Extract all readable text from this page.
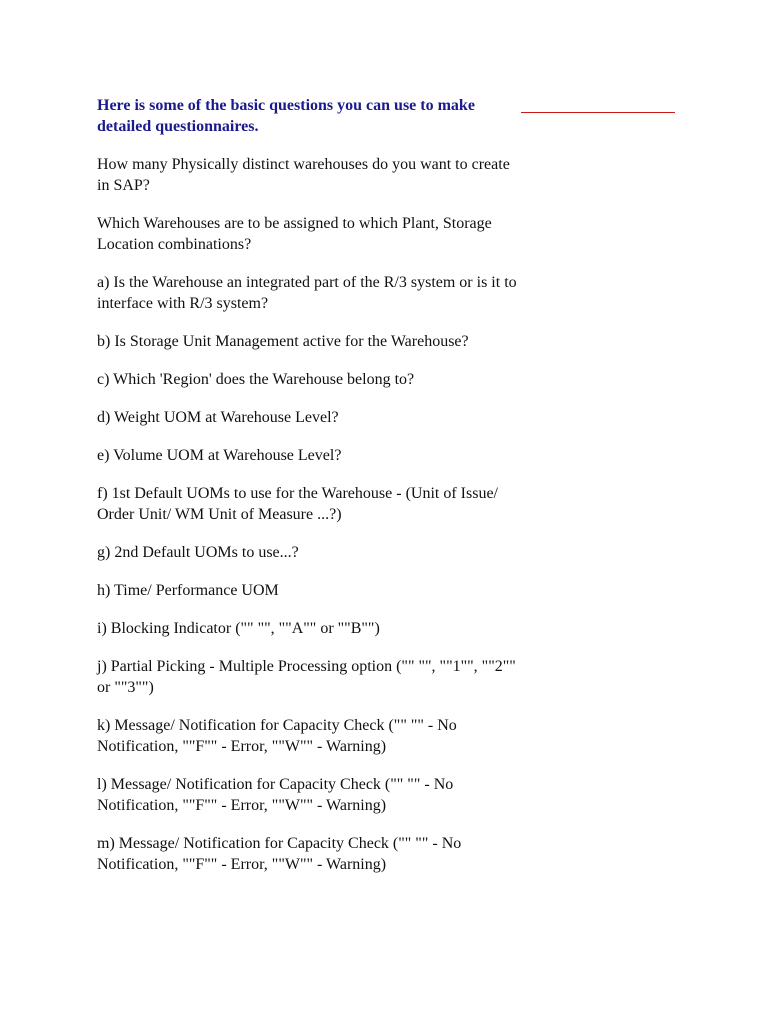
Here is some of the basic questions you can use to make detailed questionnaires.

How many Physically distinct warehouses do you want to create in SAP?

Which Warehouses are to be assigned to which Plant, Storage Location combinations?

a) Is the Warehouse an integrated part of the R/3 system or is it to interface with R/3 system?

b) Is Storage Unit Management active for the Warehouse?

c) Which 'Region' does the Warehouse belong to?

d) Weight UOM at Warehouse Level?

e) Volume UOM at Warehouse Level?

f) 1st Default UOMs to use for the Warehouse - (Unit of Issue/ Order Unit/ WM Unit of Measure ...?)

g) 2nd Default UOMs to use...?

h) Time/ Performance UOM

i) Blocking Indicator ("" "", ""A"" or ""B"")

j) Partial Picking - Multiple Processing option ("" "", ""1"", ""2"" or ""3"")

k) Message/ Notification for Capacity Check ("" "" - No Notification, ""F"" - Error, ""W"" - Warning)

l) Message/ Notification for Capacity Check ("" "" - No Notification, ""F"" - Error, ""W"" - Warning)

m) Message/ Notification for Capacity Check ("" "" - No Notification, ""F"" - Error, ""W"" - Warning)
